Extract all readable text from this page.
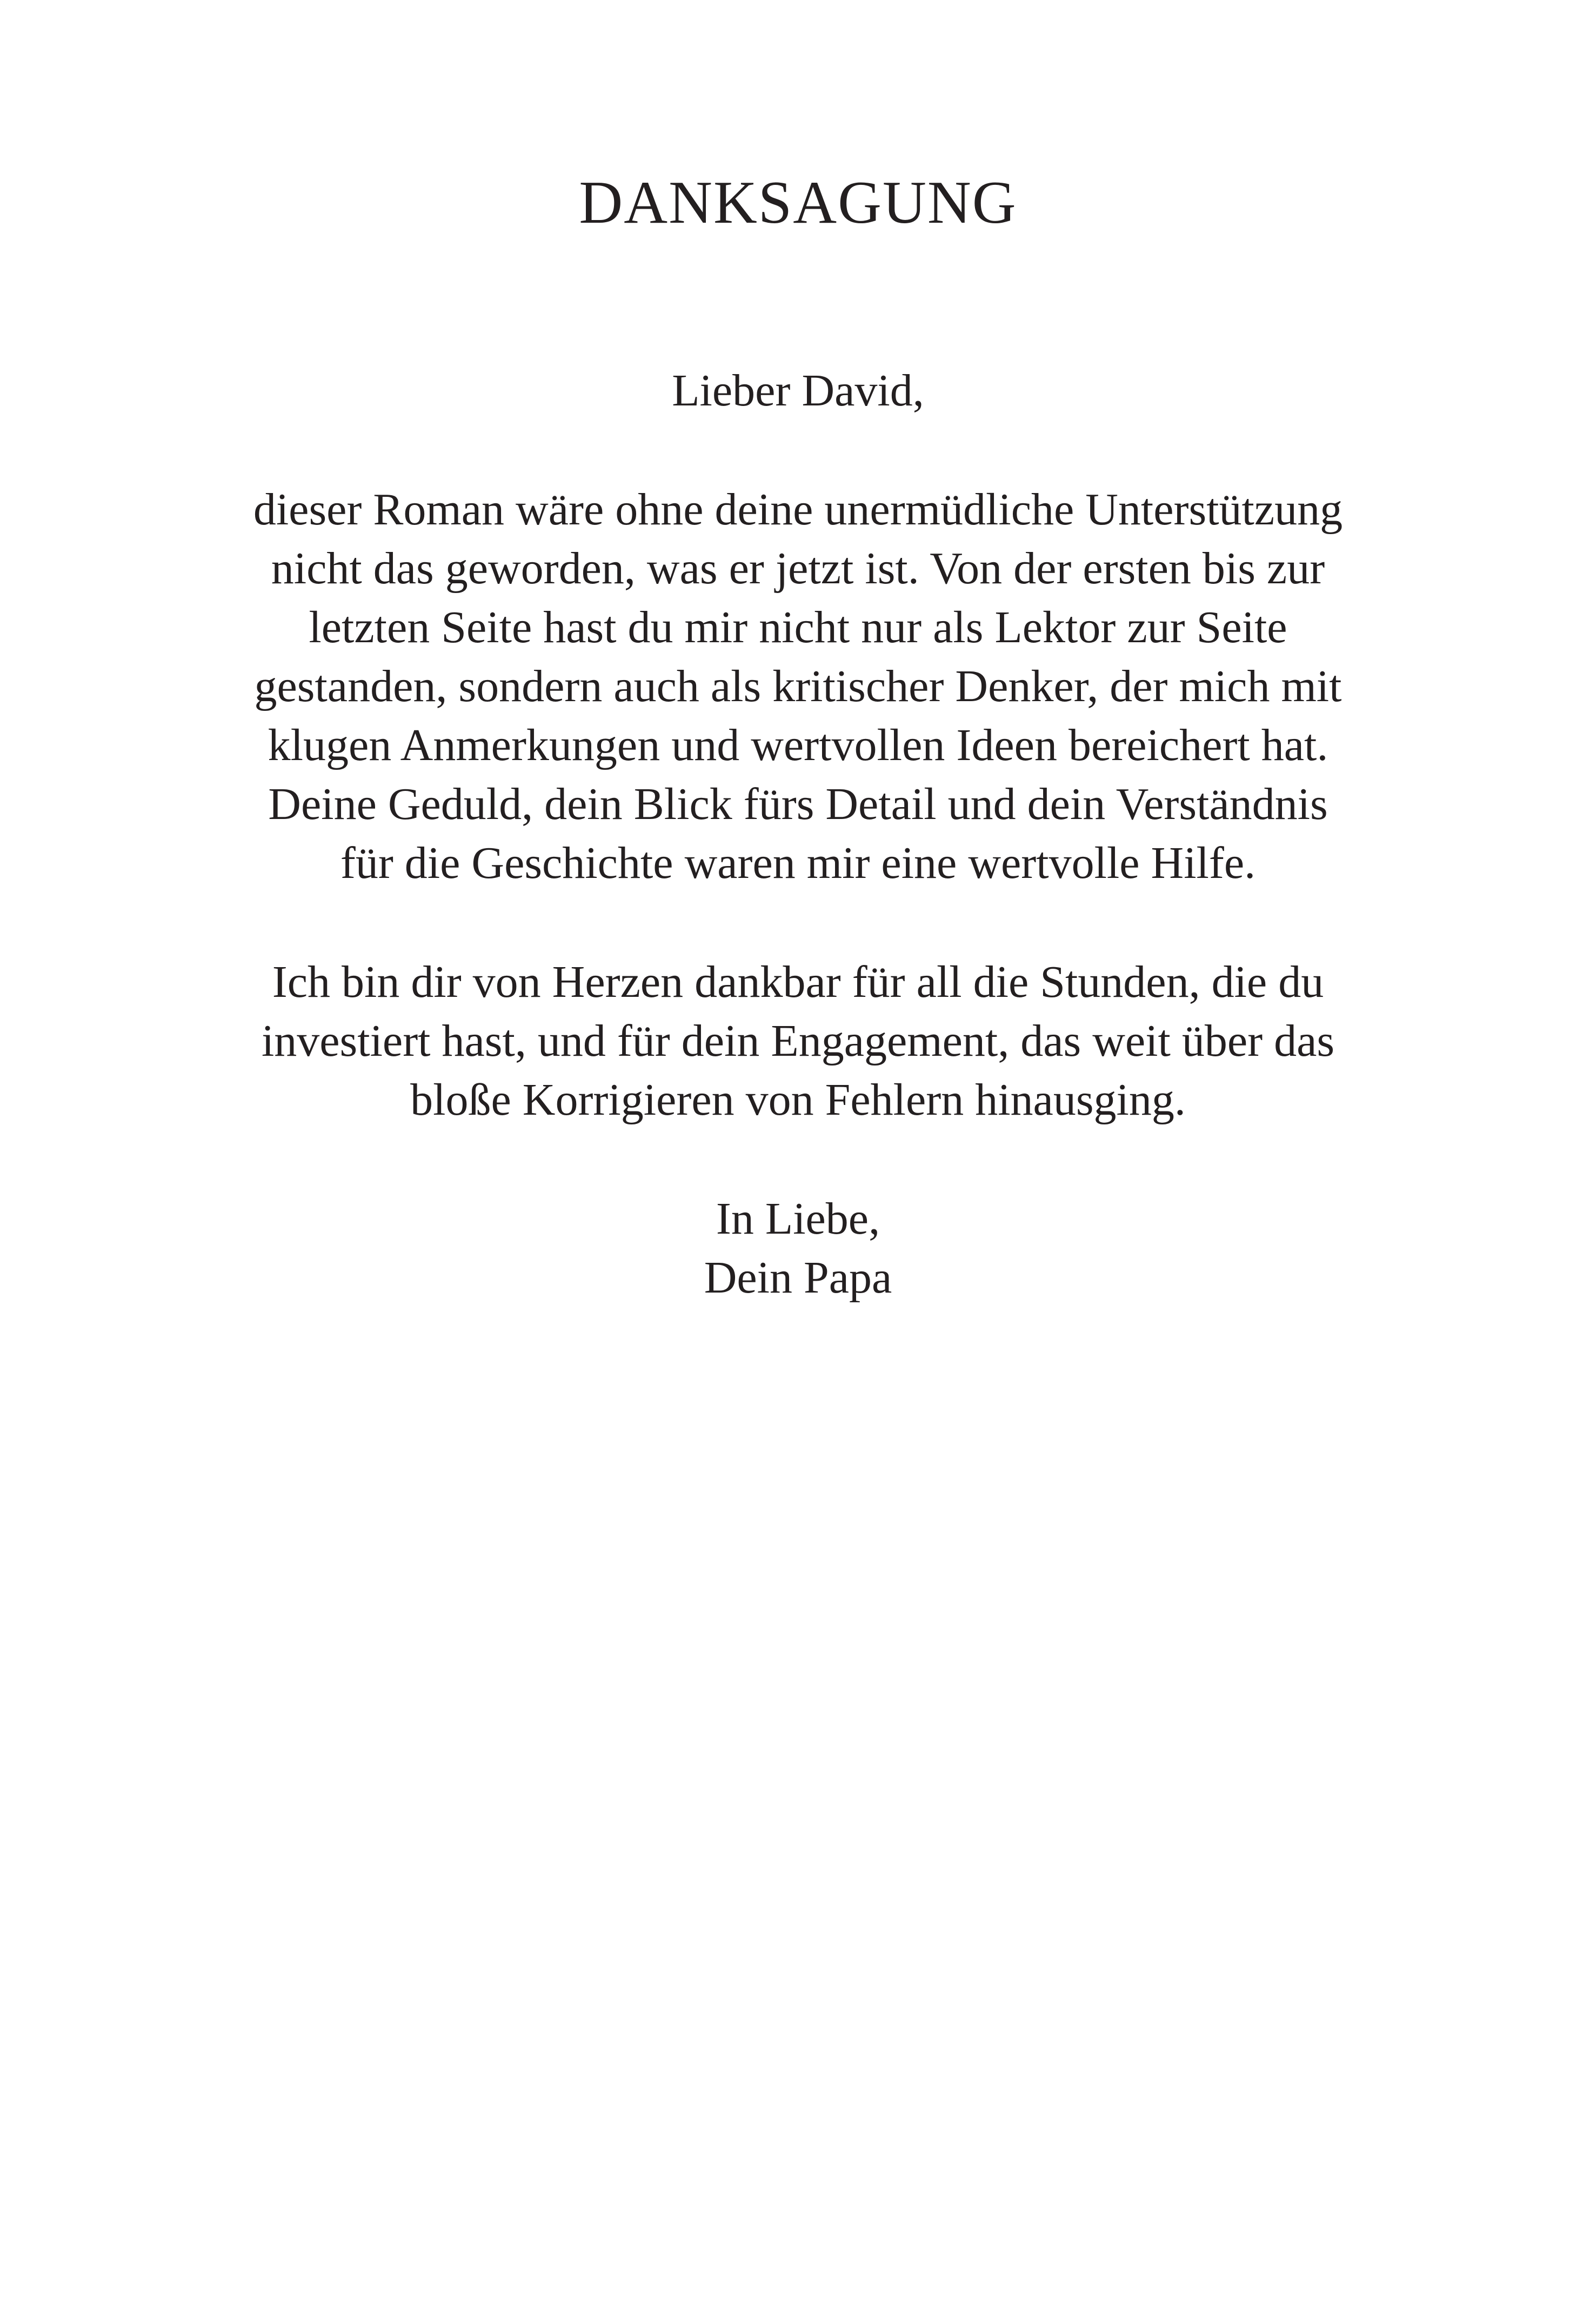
DANKSAGUNG
Lieber David,
dieser Roman wäre ohne deine unermüdliche Unterstützung
nicht das geworden, was er jetzt ist. Von der ersten bis zur
letzten Seite hast du mir nicht nur als Lektor zur Seite
gestanden, sondern auch als kritischer Denker, der mich mit
klugen Anmerkungen und wertvollen Ideen bereichert hat.
Deine Geduld, dein Blick fürs Detail und dein Verständnis
für die Geschichte waren mir eine wertvolle Hilfe.
Ich bin dir von Herzen dankbar für all die Stunden, die du
investiert hast, und für dein Engagement, das weit über das
bloße Korrigieren von Fehlern hinausging.
In Liebe,
Dein Papa
